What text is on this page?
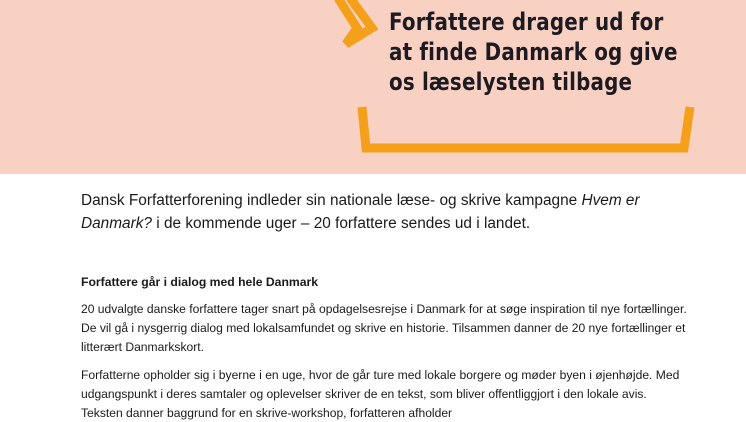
Forfattere drager ud for
at finde Danmark og give
os læselysten tilbage
Dansk Forfatterforening indleder sin nationale læse- og skrive kampagne Hvem er Danmark? i de kommende uger – 20 forfattere sendes ud i landet.
Forfattere går i dialog med hele Danmark
20 udvalgte danske forfattere tager snart på opdagelsesrejse i Danmark for at søge inspiration til nye fortællinger. De vil gå i nysgerrig dialog med lokalsamfundet og skrive en historie. Tilsammen danner de 20 nye fortællinger et litterært Danmarkskort.
Forfatterne opholder sig i byerne i en uge, hvor de går ture med lokale borgere og møder byen i øjenhøjde. Med udgangspunkt i deres samtaler og oplevelser skriver de en tekst, som bliver offentliggjort i den lokale avis. Teksten danner baggrund for en skrive-workshop, forfatteren afholder
